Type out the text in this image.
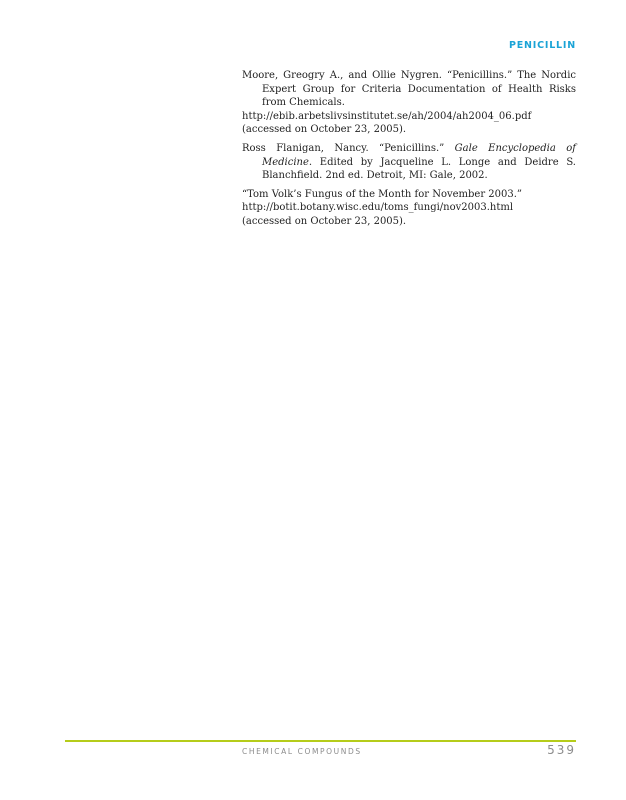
PENICILLIN

Moore, Greogry A., and Ollie Nygren. “Penicillins.” The Nordic Expert Group for Criteria Documentation of Health Risks from Chemicals.
http://ebib.arbetslivsinstitutet.se/ah/2004/ah2004_06.pdf
(accessed on October 23, 2005).

Ross Flanigan, Nancy. “Penicillins.” Gale Encyclopedia of Medicine. Edited by Jacqueline L. Longe and Deidre S. Blanchfield. 2nd ed. Detroit, MI: Gale, 2002.

“Tom Volk’s Fungus of the Month for November 2003.”
http://botit.botany.wisc.edu/toms_fungi/nov2003.html
(accessed on October 23, 2005).

CHEMICAL COMPOUNDS	539
